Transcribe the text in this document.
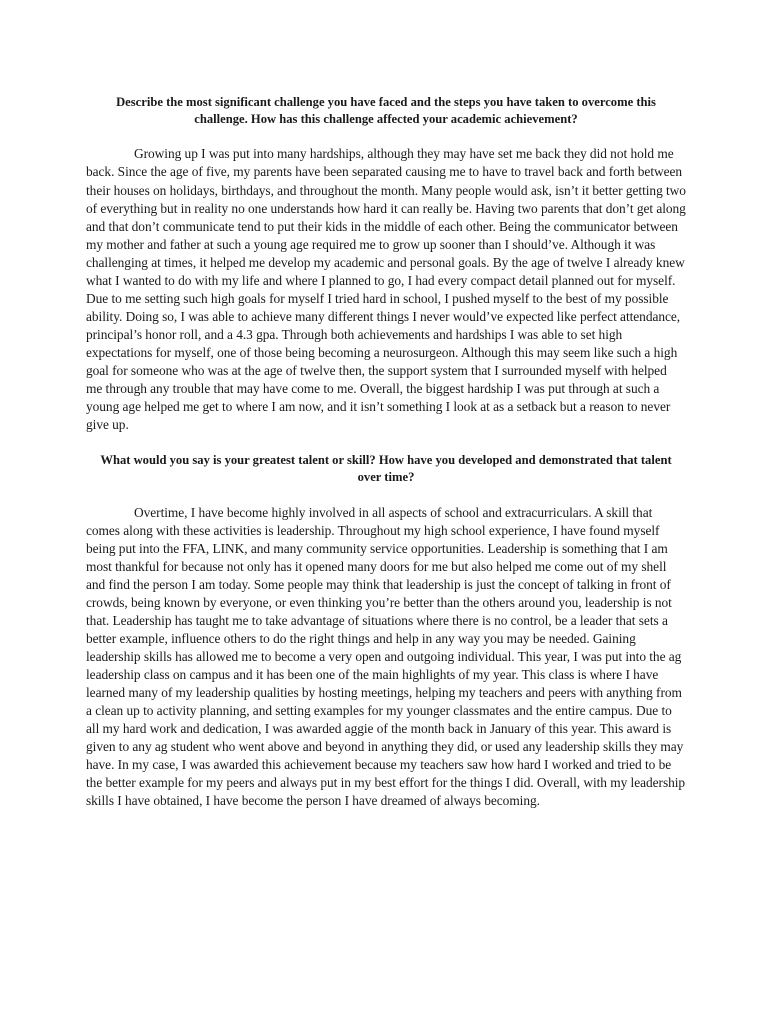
Describe the most significant challenge you have faced and the steps you have taken to overcome this challenge. How has this challenge affected your academic achievement?

Growing up I was put into many hardships, although they may have set me back they did not hold me back. Since the age of five, my parents have been separated causing me to have to travel back and forth between their houses on holidays, birthdays, and throughout the month. Many people would ask, isn’t it better getting two of everything but in reality no one understands how hard it can really be. Having two parents that don’t get along and that don’t communicate tend to put their kids in the middle of each other. Being the communicator between my mother and father at such a young age required me to grow up sooner than I should’ve. Although it was challenging at times, it helped me develop my academic and personal goals. By the age of twelve I already knew what I wanted to do with my life and where I planned to go, I had every compact detail planned out for myself. Due to me setting such high goals for myself I tried hard in school, I pushed myself to the best of my possible ability. Doing so, I was able to achieve many different things I never would’ve expected like perfect attendance, principal’s honor roll, and a 4.3 gpa. Through both achievements and hardships I was able to set high expectations for myself, one of those being becoming a neurosurgeon. Although this may seem like such a high goal for someone who was at the age of twelve then, the support system that I surrounded myself with helped me through any trouble that may have come to me. Overall, the biggest hardship I was put through at such a young age helped me get to where I am now, and it isn’t something I look at as a setback but a reason to never give up.

What would you say is your greatest talent or skill? How have you developed and demonstrated that talent over time?

Overtime, I have become highly involved in all aspects of school and extracurriculars. A skill that comes along with these activities is leadership. Throughout my high school experience, I have found myself being put into the FFA, LINK, and many community service opportunities. Leadership is something that I am most thankful for because not only has it opened many doors for me but also helped me come out of my shell and find the person I am today. Some people may think that leadership is just the concept of talking in front of crowds, being known by everyone, or even thinking you’re better than the others around you, leadership is not that. Leadership has taught me to take advantage of situations where there is no control, be a leader that sets a better example, influence others to do the right things and help in any way you may be needed. Gaining leadership skills has allowed me to become a very open and outgoing individual. This year, I was put into the ag leadership class on campus and it has been one of the main highlights of my year. This class is where I have learned many of my leadership qualities by hosting meetings, helping my teachers and peers with anything from a clean up to activity planning, and setting examples for my younger classmates and the entire campus. Due to all my hard work and dedication, I was awarded aggie of the month back in January of this year. This award is given to any ag student who went above and beyond in anything they did, or used any leadership skills they may have. In my case, I was awarded this achievement because my teachers saw how hard I worked and tried to be the better example for my peers and always put in my best effort for the things I did. Overall, with my leadership skills I have obtained, I have become the person I have dreamed of always becoming.
